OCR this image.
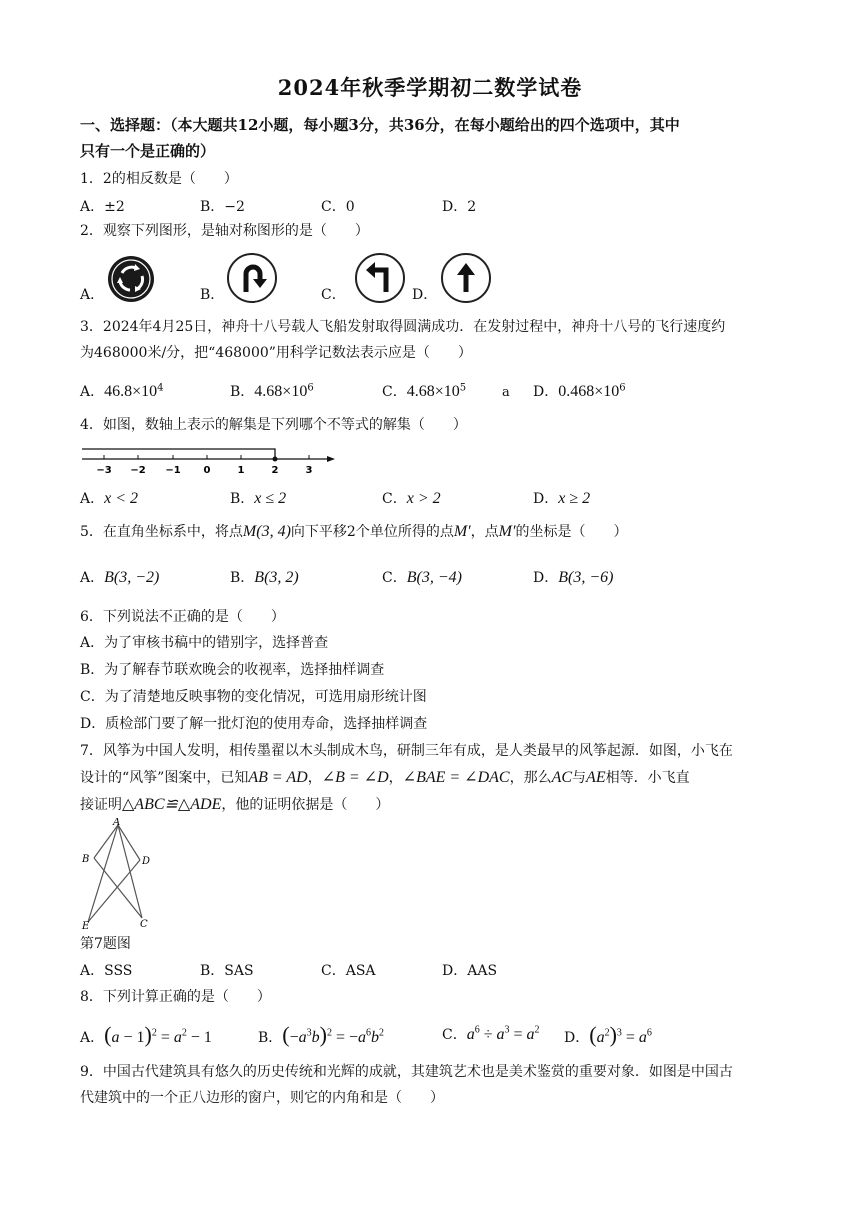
2024年秋季学期初二数学试卷
一、选择题：（本大题共12小题，每小题3分，共36分，在每小题给出的四个选项中，其中
只有一个是正确的）
1．2的相反数是（　　）
A．±2	B．−2	C．0	D．2
2．观察下列图形，是轴对称图形的是（　　）
A．	B．	C．	D．
3．2024年4月25日，神舟十八号载人飞船发射取得圆满成功．在发射过程中，神舟十八号的飞行速度约
为468000米/分，把“468000”用科学记数法表示应是（　　）
A．$46.8\times 10^4$	B．$4.68\times 10^6$	C．$4.68\times 10^5$	a D．$0.468\times 10^6$
4．如图，数轴上表示的解集是下列哪个不等式的解集（　　）
−3 −2 −1 0	1	2	3
A．x < 2	B．x ≤ 2	C．x > 2	D．x ≥ 2
5．在直角坐标系中，将点M(3, 4)向下平移2个单位所得的点M′，点M′的坐标是（　　）
A．B(3, −2)	B．B(3, 2)	C．B(3, −4)	D．B(3, −6)
6．下列说法不正确的是（　　）
A．为了审核书稿中的错别字，选择普查
B．为了解春节联欢晚会的收视率，选择抽样调查
C．为了清楚地反映事物的变化情况，可选用扇形统计图
D．质检部门要了解一批灯泡的使用寿命，选择抽样调查
7．风筝为中国人发明，相传墨翟以木头制成木鸟，研制三年有成，是人类最早的风筝起源．如图，小飞在
设计的“风筝”图案中，已知AB = AD，∠B = ∠D，∠BAE = ∠DAC，那么AC与AE相等．小飞直
接证明△ABC≌△ADE，他的证明依据是（　　）
A
B	D
E	C
第7题图
A．SSS	B．SAS	C．ASA	D．AAS
8．下列计算正确的是（　　）
A．$(a - 1)^2 = a^2 - 1$	B．$(-a^3b)^2 = -a^6b^2$	C．$a^6 \div a^3 = a^2$ D．$(a^2)^3 = a^6$
9．中国古代建筑具有悠久的历史传统和光辉的成就，其建筑艺术也是美术鉴赏的重要对象．如图是中国古
代建筑中的一个正八边形的窗户，则它的内角和是（　　）
